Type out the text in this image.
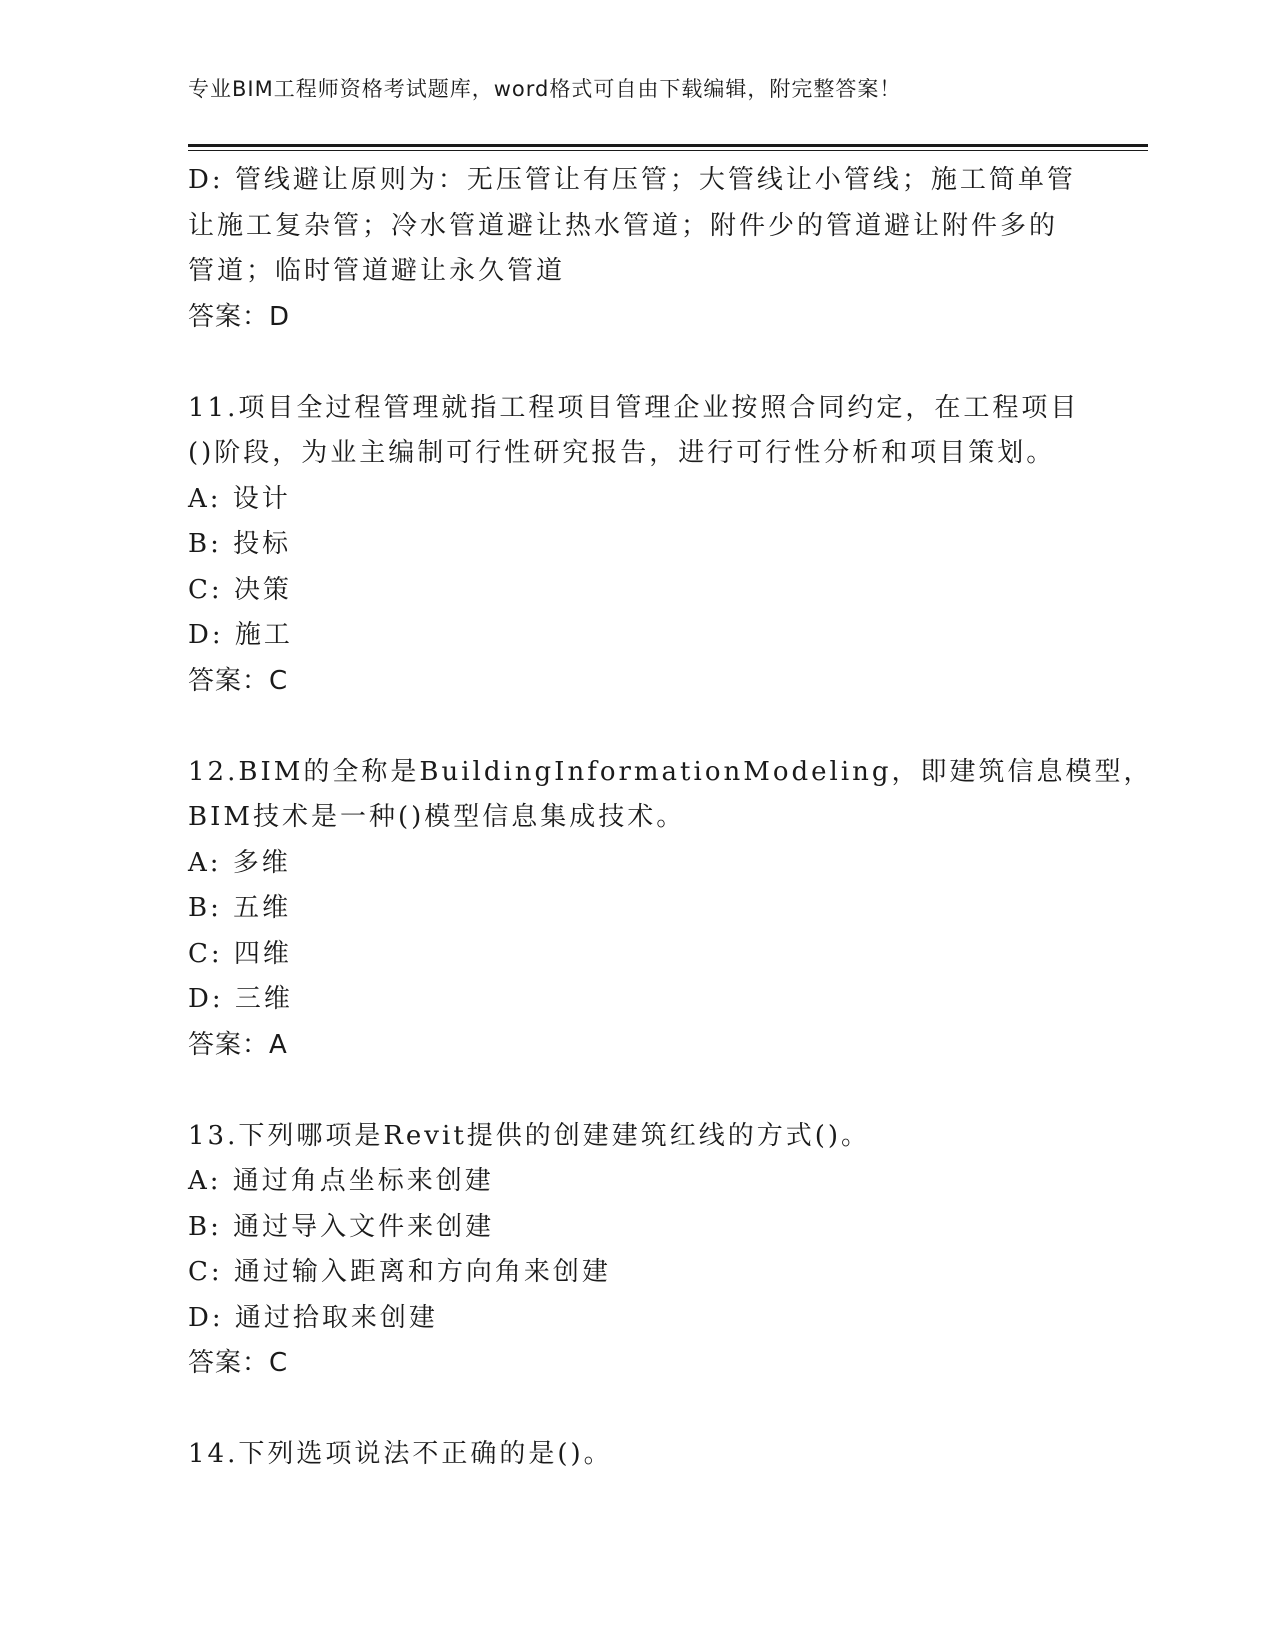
专业BIM工程师资格考试题库，word格式可自由下载编辑，附完整答案！
D: 管线避让原则为：无压管让有压管；大管线让小管线；施工简单管
让施工复杂管；冷水管道避让热水管道；附件少的管道避让附件多的
管道；临时管道避让永久管道
答案：D
11.项目全过程管理就指工程项目管理企业按照合同约定，在工程项目
()阶段，为业主编制可行性研究报告，进行可行性分析和项目策划。
A: 设计
B: 投标
C: 决策
D: 施工
答案：C
12.BIM的全称是BuildingInformationModeling，即建筑信息模型，
BIM技术是一种()模型信息集成技术。
A: 多维
B: 五维
C: 四维
D: 三维
答案：A
13.下列哪项是Revit提供的创建建筑红线的方式()。
A: 通过角点坐标来创建
B: 通过导入文件来创建
C: 通过输入距离和方向角来创建
D: 通过拾取来创建
答案：C
14.下列选项说法不正确的是()。
